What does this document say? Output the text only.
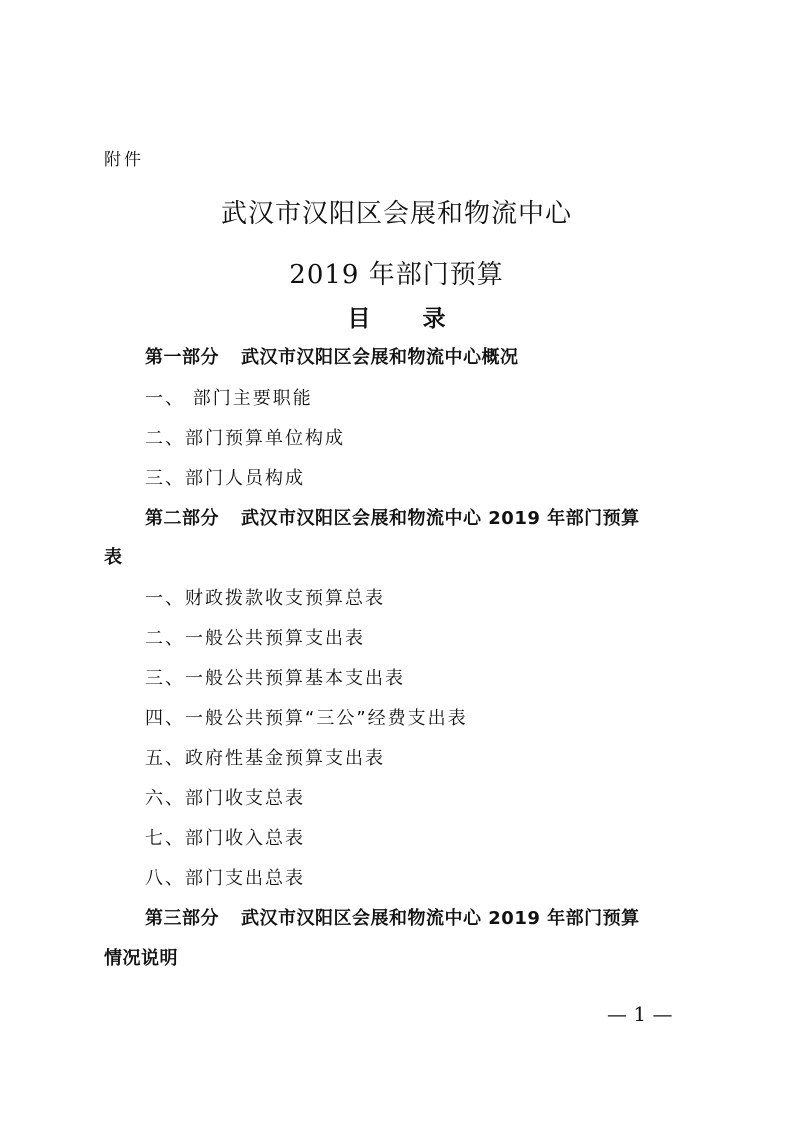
附件
武汉市汉阳区会展和物流中心
2019 年部门预算
目 录
第一部分 武汉市汉阳区会展和物流中心概况
一、 部门主要职能
二、部门预算单位构成
三、部门人员构成
第二部分 武汉市汉阳区会展和物流中心 2019 年部门预算
表
一、财政拨款收支预算总表
二、一般公共预算支出表
三、一般公共预算基本支出表
四、一般公共预算“三公”经费支出表
五、政府性基金预算支出表
六、部门收支总表
七、部门收入总表
八、部门支出总表
第三部分 武汉市汉阳区会展和物流中心 2019 年部门预算
情况说明
— 1 —
